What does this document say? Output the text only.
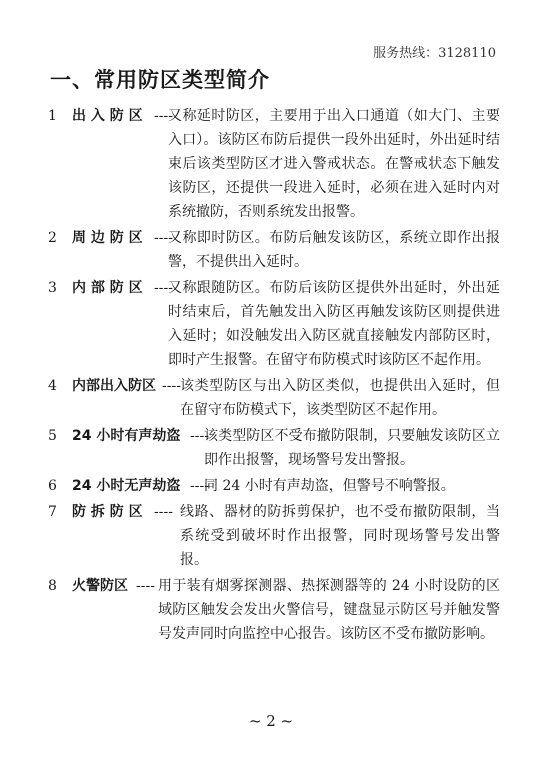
服务热线：3128110
一、常用防区类型简介
1	出 入 防 区 ----
又称延时防区，主要用于出入口通道（如大门、主要入口）。该防区布防后提供一段外出延时，外出延时结束后该类型防区才进入警戒状态。在警戒状态下触发该防区，还提供一段进入延时，必须在进入延时内对系统撤防，否则系统发出报警。
2	周 边 防 区 ----
又称即时防区。布防后触发该防区，系统立即作出报警，不提供出入延时。
3	内 部 防 区 ----
又称跟随防区。布防后该防区提供外出延时，外出延时结束后，首先触发出入防区再触发该防区则提供进入延时；如没触发出入防区就直接触发内部防区时，即时产生报警。在留守布防模式时该防区不起作用。
4	内部出入防区 ---- 该类型防区与出入防区类似，也提供出入延时，但在留守布防模式下，该类型防区不起作用。
5	24 小时有声劫盗 ----
该类型防区不受布撤防限制，只要触发该防区立即作出报警，现场警号发出警报。
6	24 小时无声劫盗 ----
同 24 小时有声劫盗，但警号不响警报。
7	防 拆 防 区 ---- 线路、器材的防拆剪保护，也不受布撤防限制，当系统受到破坏时作出报警，同时现场警号发出警报。
8	火警防区 ---- 用于装有烟雾探测器、热探测器等的 24 小时设防的区域防区触发会发出火警信号，键盘显示防区号并触发警号发声同时向监控中心报告。该防区不受布撤防影响。
~ 2 ~
